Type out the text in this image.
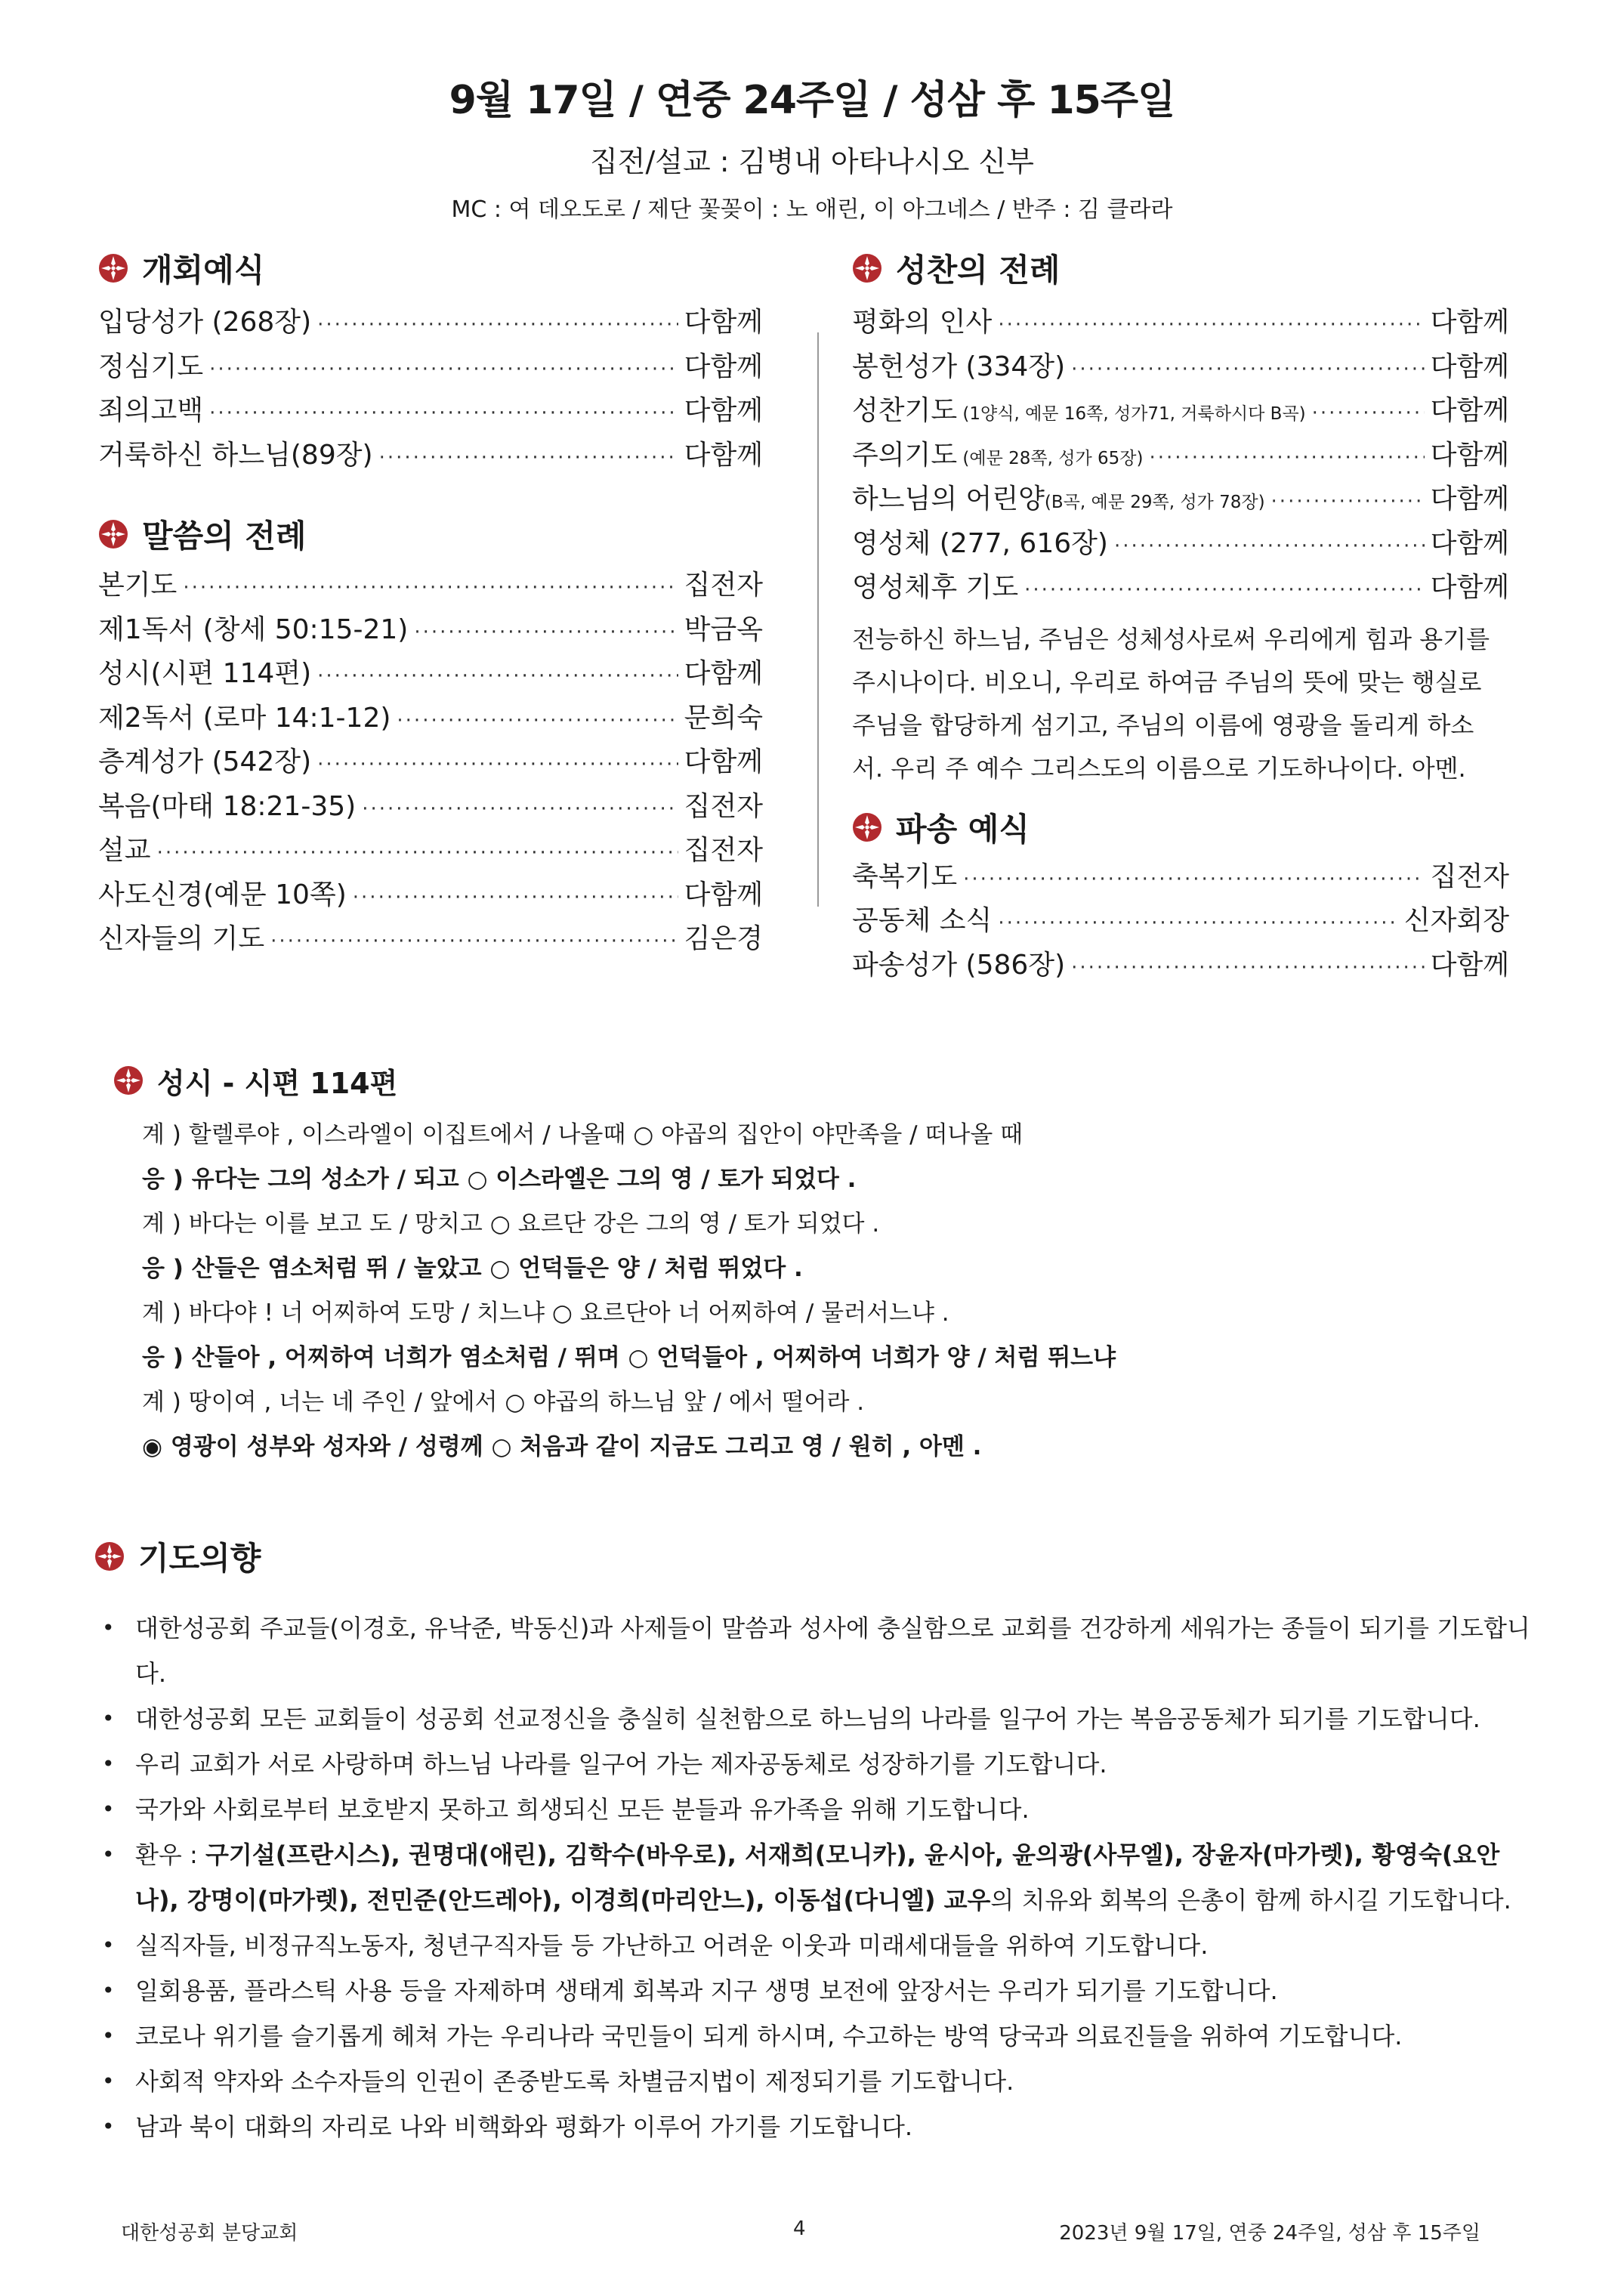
9월 17일 / 연중 24주일 / 성삼 후 15주일
집전/설교 : 김병내 아타나시오 신부
MC : 여 데오도로 / 제단 꽃꽂이 : 노 애린, 이 아그네스 / 반주 : 김 클라라
개회예식
입당성가 (268장) ·····	다함께
정심기도 ·····	다함께
죄의고백 ·····	다함께
거룩하신 하느님(89장) ·····	다함께
말씀의 전례
본기도 ·····	집전자
제1독서 (창세 50:15-21) ·····	박금옥
성시(시편 114편) ·····	다함께
제2독서 (로마 14:1-12) ·····	문희숙
층계성가 (542장) ·····	다함께
복음(마태 18:21-35) ·····	집전자
설교 ·····	집전자
사도신경(예문 10쪽) ·····	다함께
신자들의 기도 ·····	김은경
성찬의 전례
평화의 인사 ·····	다함께
봉헌성가 (334장) ·····	다함께
성찬기도 (1양식, 예문 16쪽, 성가71, 거룩하시다 B곡) ·····	다함께
주의기도 (예문 28쪽, 성가 65장) ·····	다함께
하느님의 어린양(B곡, 예문 29쪽, 성가 78장) ·····	다함께
영성체 (277, 616장) ·····	다함께
영성체후 기도 ·····	다함께
전능하신 하느님, 주님은 성체성사로써 우리에게 힘과 용기를 주시나이다. 비오니, 우리로 하여금 주님의 뜻에 맞는 행실로 주님을 합당하게 섬기고, 주님의 이름에 영광을 돌리게 하소서. 우리 주 예수 그리스도의 이름으로 기도하나이다. 아멘.
파송 예식
축복기도 ·····	집전자
공동체 소식 ·····	신자회장
파송성가 (586장) ·····	다함께
성시 - 시편 114편
계 ) 할렐루야 , 이스라엘이 이집트에서 / 나올때 ○ 야곱의 집안이 야만족을 / 떠나올 때
응 ) 유다는 그의 성소가 / 되고 ○ 이스라엘은 그의 영 / 토가 되었다 .
계 ) 바다는 이를 보고 도 / 망치고 ○ 요르단 강은 그의 영 / 토가 되었다 .
응 ) 산들은 염소처럼 뛰 / 놀았고 ○ 언덕들은 양 / 처럼 뛰었다 .
계 ) 바다야 ! 너 어찌하여 도망 / 치느냐 ○ 요르단아 너 어찌하여 / 물러서느냐 .
응 ) 산들아 , 어찌하여 너희가 염소처럼 / 뛰며 ○ 언덕들아 , 어찌하여 너희가 양 / 처럼 뛰느냐
계 ) 땅이여 , 너는 네 주인 / 앞에서 ○ 야곱의 하느님 앞 / 에서 떨어라 .
◉ 영광이 성부와 성자와 / 성령께 ○ 처음과 같이 지금도 그리고 영 / 원히 , 아멘 .
기도의향
• 대한성공회 주교들(이경호, 유낙준, 박동신)과 사제들이 말씀과 성사에 충실함으로 교회를 건강하게 세워가는 종들이 되기를 기도합니다.
• 대한성공회 모든 교회들이 성공회 선교정신을 충실히 실천함으로 하느님의 나라를 일구어 가는 복음공동체가 되기를 기도합니다.
• 우리 교회가 서로 사랑하며 하느님 나라를 일구어 가는 제자공동체로 성장하기를 기도합니다.
• 국가와 사회로부터 보호받지 못하고 희생되신 모든 분들과 유가족을 위해 기도합니다.
• 환우 : 구기설(프란시스), 권명대(애린), 김학수(바우로), 서재희(모니카), 윤시아, 윤의광(사무엘), 장윤자(마가렛), 황영숙(요안나), 강명이(마가렛), 전민준(안드레아), 이경희(마리안느), 이동섭(다니엘) 교우의 치유와 회복의 은총이 함께 하시길 기도합니다.
• 실직자들, 비정규직노동자, 청년구직자들 등 가난하고 어려운 이웃과 미래세대들을 위하여 기도합니다.
• 일회용품, 플라스틱 사용 등을 자제하며 생태계 회복과 지구 생명 보전에 앞장서는 우리가 되기를 기도합니다.
• 코로나 위기를 슬기롭게 헤쳐 가는 우리나라 국민들이 되게 하시며, 수고하는 방역 당국과 의료진들을 위하여 기도합니다.
• 사회적 약자와 소수자들의 인권이 존중받도록 차별금지법이 제정되기를 기도합니다.
• 남과 북이 대화의 자리로 나와 비핵화와 평화가 이루어 가기를 기도합니다.
대한성공회 분당교회	4	2023년 9월 17일, 연중 24주일, 성삼 후 15주일
